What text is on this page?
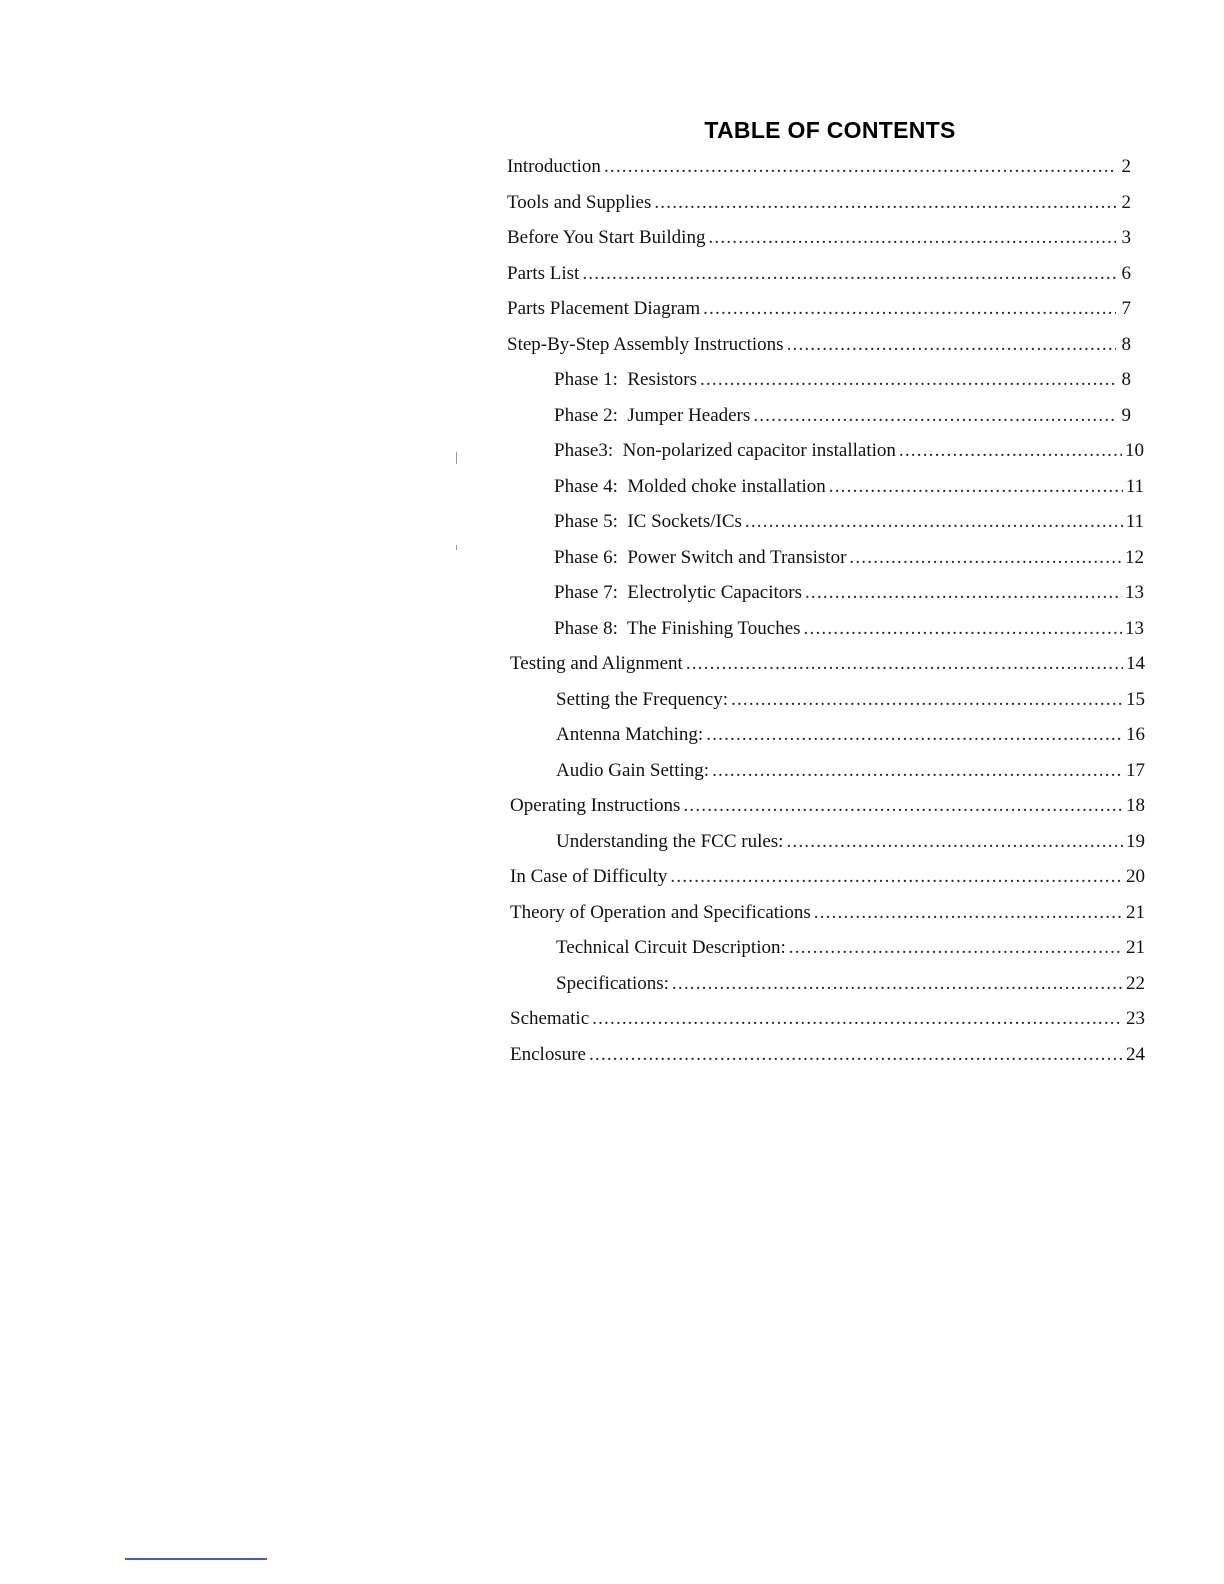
TABLE OF CONTENTS
Introduction .....	2
Tools and Supplies .....	2
Before You Start Building .....	3
Parts List .....	6
Parts Placement Diagram .....	7
Step-By-Step Assembly Instructions .....	8
Phase 1:  Resistors .....	8
Phase 2:  Jumper Headers .....	9
Phase3:  Non-polarized capacitor installation .....	10
Phase 4:  Molded choke installation .....	11
Phase 5:  IC Sockets/ICs .....	11
Phase 6:  Power Switch and Transistor .....	12
Phase 7:  Electrolytic Capacitors .....	13
Phase 8:  The Finishing Touches .....	13
Testing and Alignment .....	14
Setting the Frequency: .....	15
Antenna Matching: .....	16
Audio Gain Setting: .....	17
Operating Instructions .....	18
Understanding the FCC rules: .....	19
In Case of Difficulty .....	20
Theory of Operation and Specifications .....	21
Technical Circuit Description: .....	21
Specifications: .....	22
Schematic .....	23
Enclosure .....	24
